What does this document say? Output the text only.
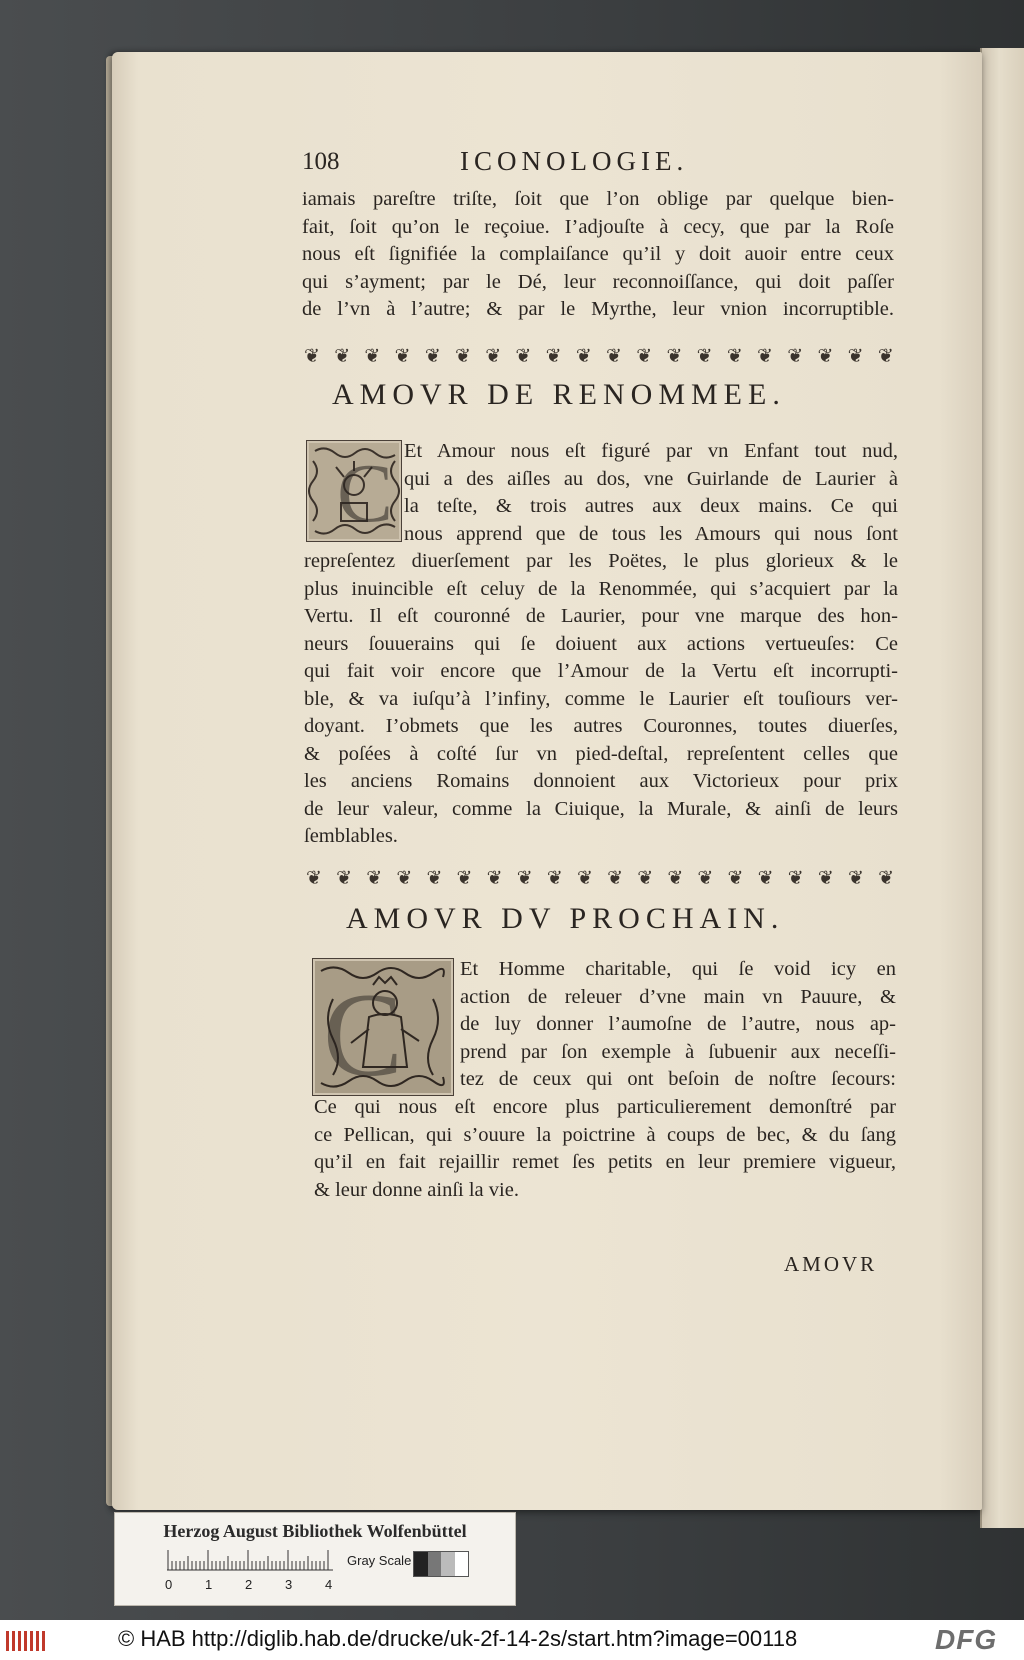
108	ICONOLOGIE.
iamais pareſtre triſte, ſoit que l’on oblige par quelque bien-
fait, ſoit qu’on le reçoiue. I’adjouſte à cecy, que par la Roſe
nous eſt ſignifiée la complaiſance qu’il y doit auoir entre ceux
qui s’ayment; par le Dé, leur reconnoiſſance, qui doit paſſer
de l’vn à l’autre; & par le Myrthe, leur vnion incorruptible.
❦ ❦ ❦ ❦ ❦ ❦ ❦ ❦ ❦ ❦ ❦ ❦ ❦ ❦ ❦ ❦ ❦ ❦ ❦ ❦
AMOVR DE RENOMMEE.
C Et Amour nous eſt figuré par vn Enfant tout nud,
qui a des aiſles au dos, vne Guirlande de Laurier à
la teſte, & trois autres aux deux mains. Ce qui
nous apprend que de tous les Amours qui nous ſont
repreſentez diuerſement par les Poëtes, le plus glorieux & le
plus inuincible eſt celuy de la Renommée, qui s’acquiert par la
Vertu. Il eſt couronné de Laurier, pour vne marque des hon-
neurs ſouuerains qui ſe doiuent aux actions vertueuſes: Ce
qui fait voir encore que l’Amour de la Vertu eſt incorrupti-
ble, & va iuſqu’à l’infiny, comme le Laurier eſt touſiours ver-
doyant. I’obmets que les autres Couronnes, toutes diuerſes,
& poſées à coſté ſur vn pied-deſtal, repreſentent celles que
les anciens Romains donnoient aux Victorieux pour prix
de leur valeur, comme la Ciuique, la Murale, & ainſi de leurs
ſemblables.
❦ ❦ ❦ ❦ ❦ ❦ ❦ ❦ ❦ ❦ ❦ ❦ ❦ ❦ ❦ ❦ ❦ ❦ ❦ ❦
AMOVR DV PROCHAIN.
C	Et Homme charitable, qui ſe void icy en
action de releuer d’vne main vn Pauure, &
de luy donner l’aumoſne de l’autre, nous ap-
prend par ſon exemple à ſubuenir aux neceſſi-
tez de ceux qui ont beſoin de noſtre ſecours:
Ce qui nous eſt encore plus particulierement demonſtré par
ce Pellican, qui s’ouure la poictrine à coups de bec, & du ſang
qu’il en fait rejaillir remet ſes petits en leur premiere vigueur,
& leur donne ainſi la vie.
AMOVR
Herzog August Bibliothek Wolfenbüttel
0	1	2	3	4
Gray Scale
© HAB http://diglib.hab.de/drucke/uk-2f-14-2s/start.htm?image=00118	DFG
